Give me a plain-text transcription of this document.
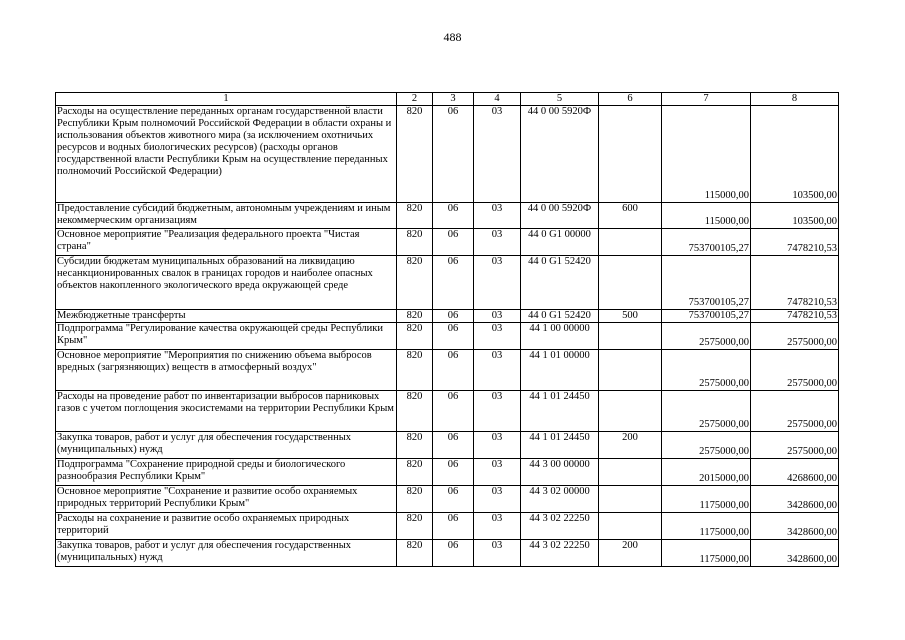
488
1	2	3	4	5	6	7	8
Расходы на осуществление переданных органам государственной власти Республики Крым полномочий Российской Федерации в области охраны и использования объектов животного мира (за исключением охотничьих ресурсов и водных биологических ресурсов) (расходы органов государственной власти Республики Крым на осуществление переданных полномочий Российской Федерации)	820	06	03	44 0 00 5920Ф		115000,00	103500,00
Предоставление субсидий бюджетным, автономным учреждениям и иным некоммерческим организациям	820	06	03	44 0 00 5920Ф	600	115000,00	103500,00
Основное мероприятие "Реализация федерального проекта "Чистая страна"	820	06	03	44 0 G1 00000		753700105,27	7478210,53
Субсидии бюджетам муниципальных образований на ликвидацию несанкционированных свалок в границах городов и наиболее опасных объектов накопленного экологического вреда окружающей среде	820	06	03	44 0 G1 52420		753700105,27	7478210,53
Межбюджетные трансферты	820	06	03	44 0 G1 52420	500	753700105,27	7478210,53
Подпрограмма "Регулирование качества окружающей среды Республики Крым"	820	06	03	44 1 00 00000		2575000,00	2575000,00
Основное мероприятие "Мероприятия по снижению объема выбросов вредных (загрязняющих) веществ в атмосферный воздух"	820	06	03	44 1 01 00000		2575000,00	2575000,00
Расходы на проведение работ по инвентаризации выбросов парниковых газов с учетом поглощения экосистемами на территории Республики Крым	820	06	03	44 1 01 24450		2575000,00	2575000,00
Закупка товаров, работ и услуг для обеспечения государственных (муниципальных) нужд	820	06	03	44 1 01 24450	200	2575000,00	2575000,00
Подпрограмма "Сохранение природной среды и биологического разнообразия Республики Крым"	820	06	03	44 3 00 00000		2015000,00	4268600,00
Основное мероприятие "Сохранение и развитие особо охраняемых природных территорий Республики Крым"	820	06	03	44 3 02 00000		1175000,00	3428600,00
Расходы на сохранение и развитие особо охраняемых природных территорий	820	06	03	44 3 02 22250		1175000,00	3428600,00
Закупка товаров, работ и услуг для обеспечения государственных (муниципальных) нужд	820	06	03	44 3 02 22250	200	1175000,00	3428600,00
